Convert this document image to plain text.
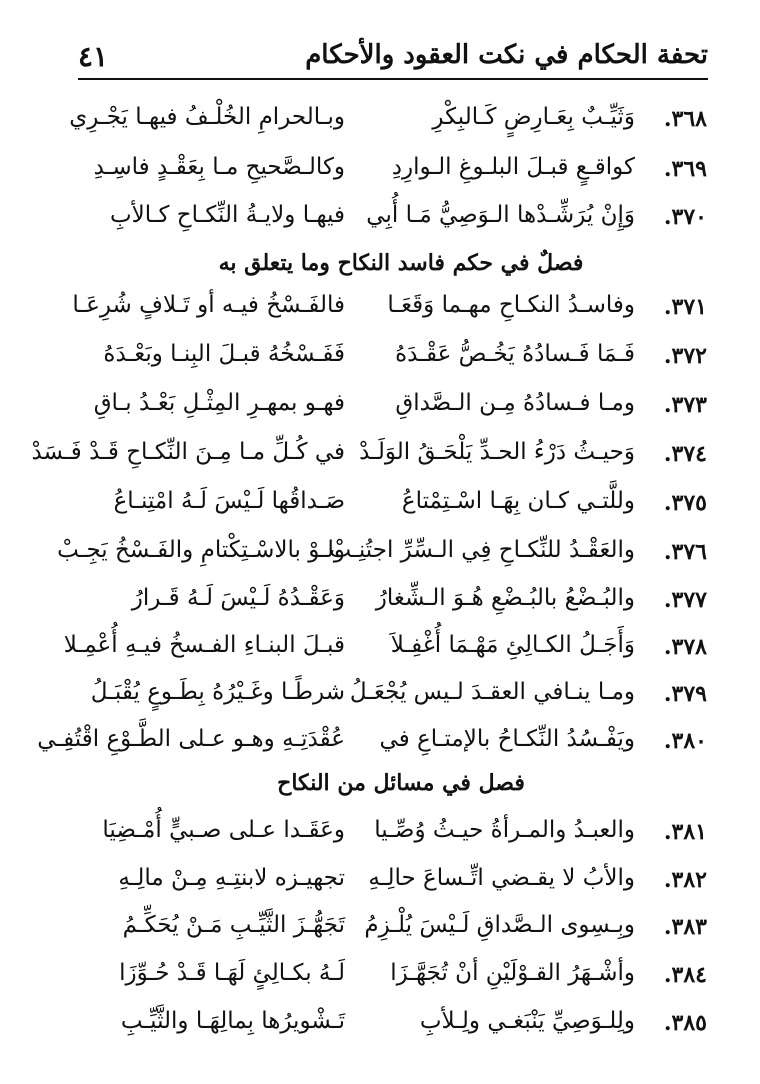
تحفة الحكام في نكت العقود والأحكام
٤١
٣٦٨.
وَثَيِّـبٌ بِعَـارِضٍ كَـالبِكْرِ
وبـالحرامِ الخُلْـفُ فيهـا يَجْـرِي
٣٦٩.
كواقـعٍ قبـلَ البلـوغِ الـوارِدِ
وكالـصَّحيحِ مـا بِعَقْـدٍ فاسِـدِ
٣٧٠.
وَإِنْ يُرَشِّـدْها الـوَصِيُّ مَـا أُبِي
فيهـا ولايـةُ النِّكـاحِ كـالأبِ
فصلٌ في حكم فاسد النكاح وما يتعلق به
٣٧١.
وفاسـدُ النكـاحِ مهـما وَقَعَـا
فالفَـسْخُ فيـه أو تَـلافٍ شُرِعَـا
٣٧٢.
فَـمَا فَـسادُهُ يَخُـصُّ عَقْـدَهُ
فَفَـسْخُهُ قبـلَ البِنـا وبَعْـدَهُ
٣٧٣.
ومـا فـسادُهُ مِـن الـصَّداقِ
فهـو بمهـرِ المِثْـلِ بَعْـدُ بـاقِ
٣٧٤.
وَحيـثُ دَرْءُ الحـدِّ يَلْحَـقُ الوَلَـدْ
في كُـلِّ مـا مِـنَ النِّكـاحِ قَـدْ فَـسَدْ
٣٧٥.
وللَّتـي كـان بِهَـا اسْـتِمْتاعُ
صَـداقُها لَـيْسَ لَـهُ امْتِنـاعُ
٣٧٦.
والعَقْـدُ للنِّكـاحِ فِي الـسِّرِّ اجتُنِـبْ
ولـوْ بالاسْـتِكْتامِ والفَـسْخُ يَجِـبْ
٣٧٧.
والبُـضْعُ بالبُـضْعِ هُـوَ الـشِّغارُ
وَعَقْـدُهُ لَـيْسَ لَـهُ قَـرارُ
٣٧٨.
وَأَجَـلُ الكـالِئِ مَهْـمَا أُغْفِـلاَ
قبـلَ البنـاءِ الفـسخُ فيـهِ أُعْمِـلا
٣٧٩.
ومـا ينـافي العقـدَ لـيس يُجْعَـلُ
شرطًـا وغَـيْرُهُ بِطَـوعٍ يُقْبَـلُ
٣٨٠.
ويَفْـسُدُ النِّكـاحُ بالإمتـاعِ في
عُقْدَتِـهِ وهـو عـلى الطَّـوْعِ اقْتُفِـي
فصل في مسائل من النكاح
٣٨١.
والعبـدُ والمـرأةُ حيـثُ وُصِّـيا
وعَقَـدا عـلى صـبيٍّ أُمْـضِيَا
٣٨٢.
والأبُ لا يقـضي اتِّـساعَ حالِـهِ
تجهيـزه لابنتِـهِ مِـنْ مالِـهِ
٣٨٣.
وبِـسِوى الـصَّداقِ لَـيْسَ يُلْـزِمُ
تَجَهُّـزَ الثَّيِّـبِ مَـنْ يُحَكِّـمُ
٣٨٤.
وأشْـهَرُ القـوْلَيْنِ أنْ تُجَهَّـزَا
لَـهُ بكـالِئٍ لَهَـا قَـدْ حُـوِّزَا
٣٨٥.
ولِلـوَصِيِّ يَنْبَغـي ولِـلأبِ
تَـشْويرُها بِمالِهَـا والثَّيِّـبِ
